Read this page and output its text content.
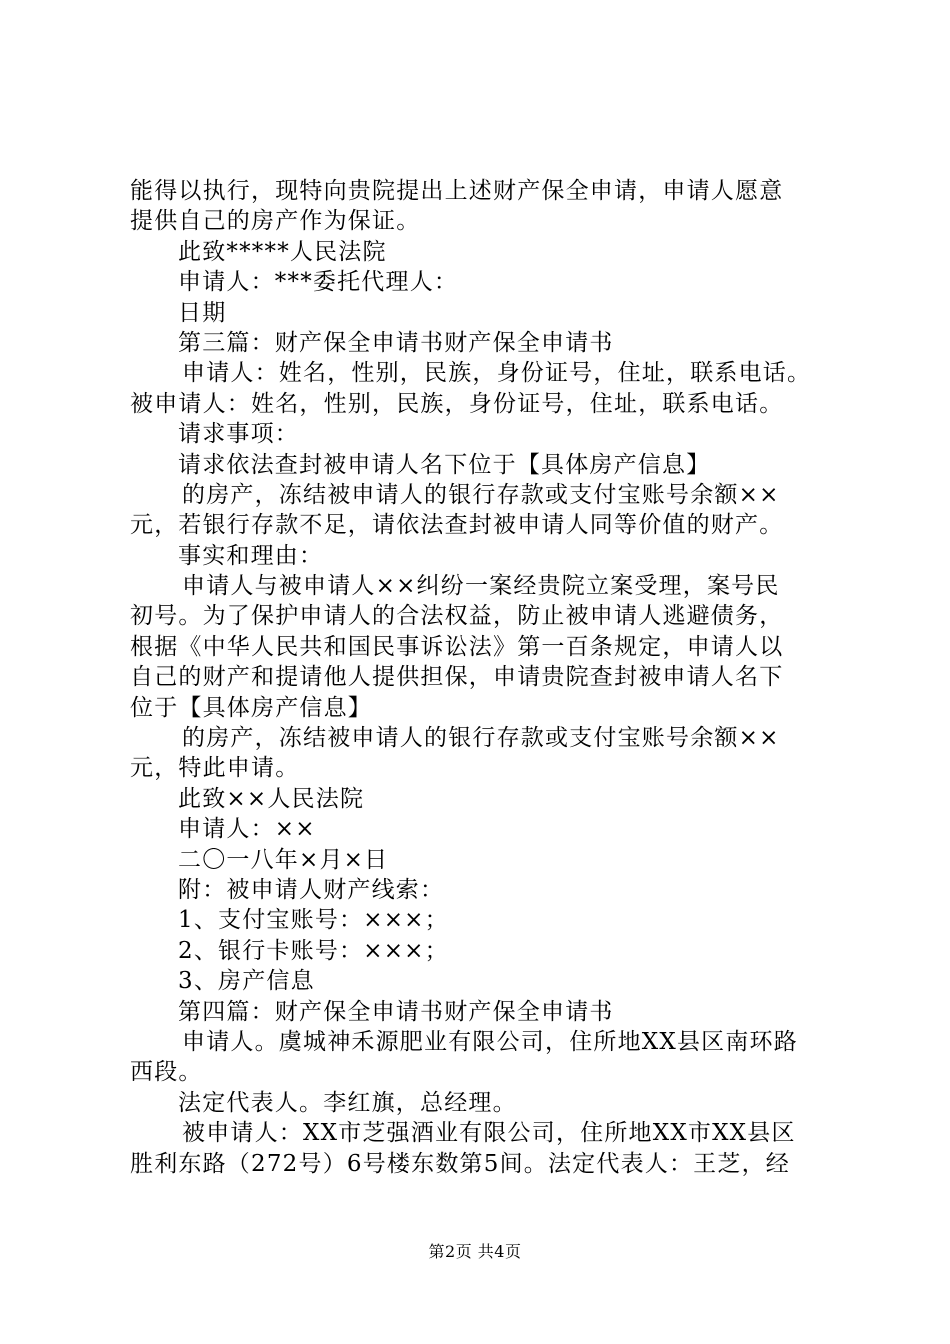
能得以执行，现特向贵院提出上述财产保全申请，申请人愿意
提供自己的房产作为保证。
此致*****人民法院
申请人：***委托代理人：
日期
第三篇：财产保全申请书财产保全申请书
申请人：姓名，性别，民族，身份证号，住址，联系电话。
被申请人：姓名，性别，民族，身份证号，住址，联系电话。
请求事项：
请求依法查封被申请人名下位于【具体房产信息】
的房产，冻结被申请人的银行存款或支付宝账号余额××
元，若银行存款不足，请依法查封被申请人同等价值的财产。
事实和理由：
申请人与被申请人××纠纷一案经贵院立案受理，案号民
初号。为了保护申请人的合法权益，防止被申请人逃避债务，
根据《中华人民共和国民事诉讼法》第一百条规定，申请人以
自己的财产和提请他人提供担保，申请贵院查封被申请人名下
位于【具体房产信息】
的房产，冻结被申请人的银行存款或支付宝账号余额××
元，特此申请。
此致××人民法院
申请人：××
二〇一八年×月×日
附：被申请人财产线索：
1、支付宝账号：×××；
2、银行卡账号：×××；
3、房产信息
第四篇：财产保全申请书财产保全申请书
申请人。虞城神禾源肥业有限公司，住所地XX县区南环路
西段。
法定代表人。李红旗，总经理。
被申请人：XX市芝强酒业有限公司，住所地XX市XX县区
胜利东路（272号）6号楼东数第5间。法定代表人：王芝，经
第2页 共4页
